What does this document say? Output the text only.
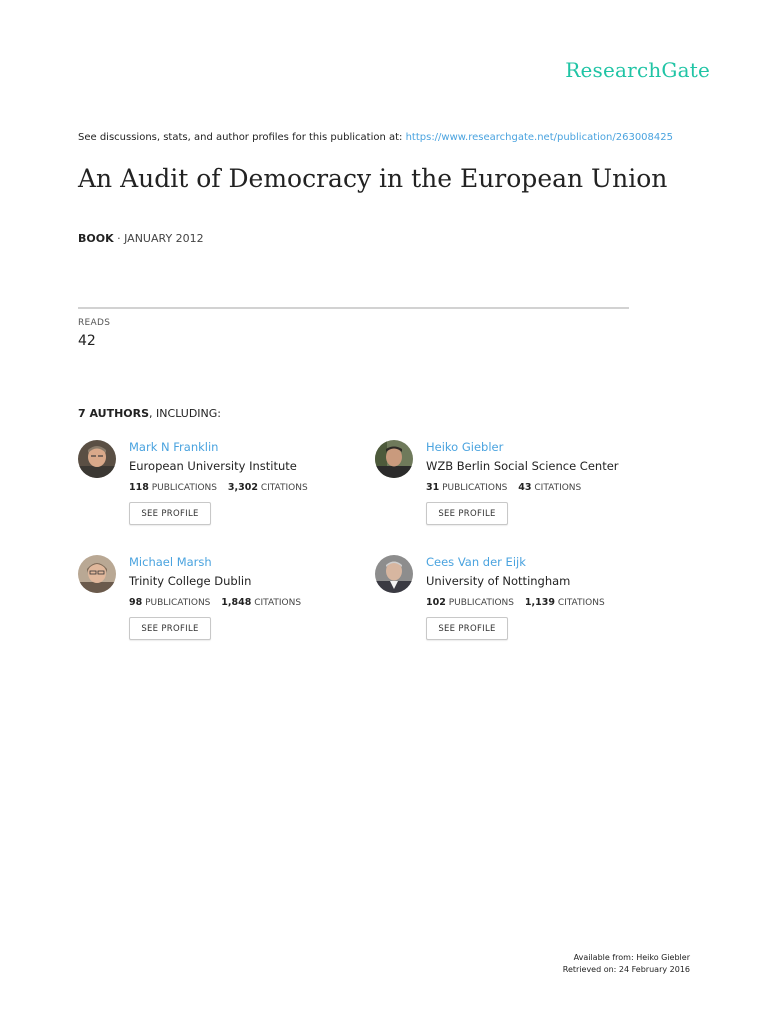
ResearchGate
See discussions, stats, and author profiles for this publication at: https://www.researchgate.net/publication/263008425
An Audit of Democracy in the European Union
BOOK · JANUARY 2012
READS
42
7 AUTHORS, INCLUDING:
Mark N Franklin
European University Institute
118 PUBLICATIONS 3,302 CITATIONS
SEE PROFILE
Heiko Giebler
WZB Berlin Social Science Center
31 PUBLICATIONS 43 CITATIONS
SEE PROFILE
Michael Marsh
Trinity College Dublin
98 PUBLICATIONS 1,848 CITATIONS
SEE PROFILE
Cees Van der Eijk
University of Nottingham
102 PUBLICATIONS 1,139 CITATIONS
SEE PROFILE
Available from: Heiko Giebler
Retrieved on: 24 February 2016
